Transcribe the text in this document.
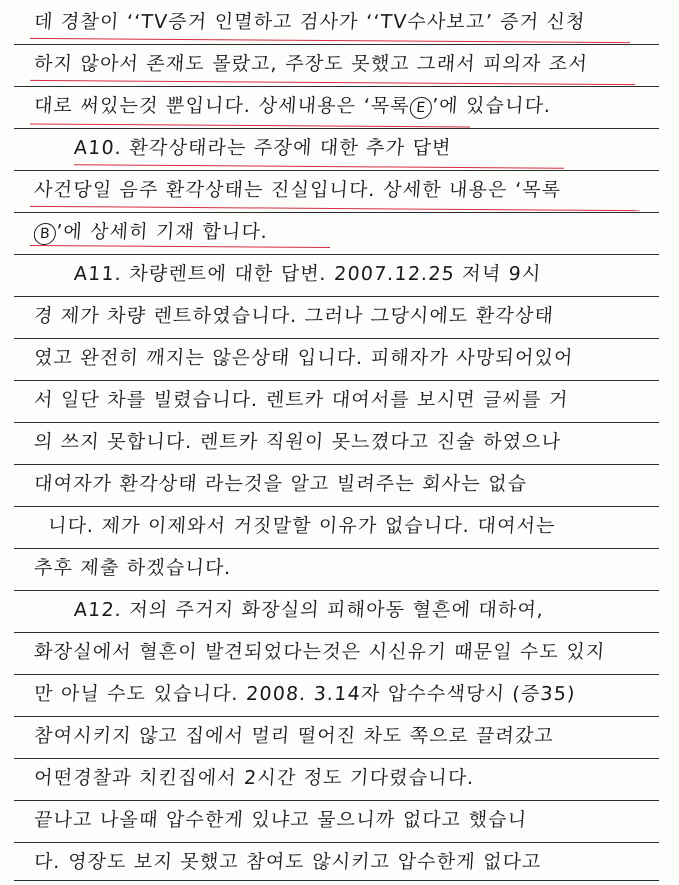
데 경찰이 ‘‘TV증거 인멸하고 검사가 ‘‘TV수사보고’ 증거 신청
하지 않아서 존재도 몰랐고, 주장도 못했고 그래서 피의자 조서
대로 써있는것 뿐입니다. 상세내용은 ‘목록 E ’에 있습니다.
A10. 환각상태라는 주장에 대한 추가 답변
사건당일 음주 환각상태는 진실입니다. 상세한 내용은 ‘목록
B ’에 상세히 기재 합니다.
A11. 차량렌트에 대한 답변. 2007.12.25 저녁 9시
경 제가 차량 렌트하였습니다. 그러나 그당시에도 환각상태
였고 완전히 깨지는 않은상태 입니다. 피해자가 사망되어있어
서 일단 차를 빌렸습니다. 렌트카 대여서를 보시면 글씨를 거
의 쓰지 못합니다. 렌트카 직원이 못느꼈다고 진술 하였으나
대여자가 환각상태 라는것을 알고 빌려주는 회사는 없습
니다. 제가 이제와서 거짓말할 이유가 없습니다. 대여서는
추후 제출 하겠습니다.
A12. 저의 주거지 화장실의 피해아동 혈흔에 대하여,
화장실에서 혈흔이 발견되었다는것은 시신유기 때문일 수도 있지
만 아닐 수도 있습니다. 2008. 3.14자 압수수색당시 (증35)
참여시키지 않고 집에서 멀리 떨어진 차도 쪽으로 끌려갔고
어떤경찰과 치킨집에서 2시간 정도 기다렸습니다.
끝나고 나올때 압수한게 있냐고 물으니까 없다고 했습니
다. 영장도 보지 못했고 참여도 않시키고 압수한게 없다고
